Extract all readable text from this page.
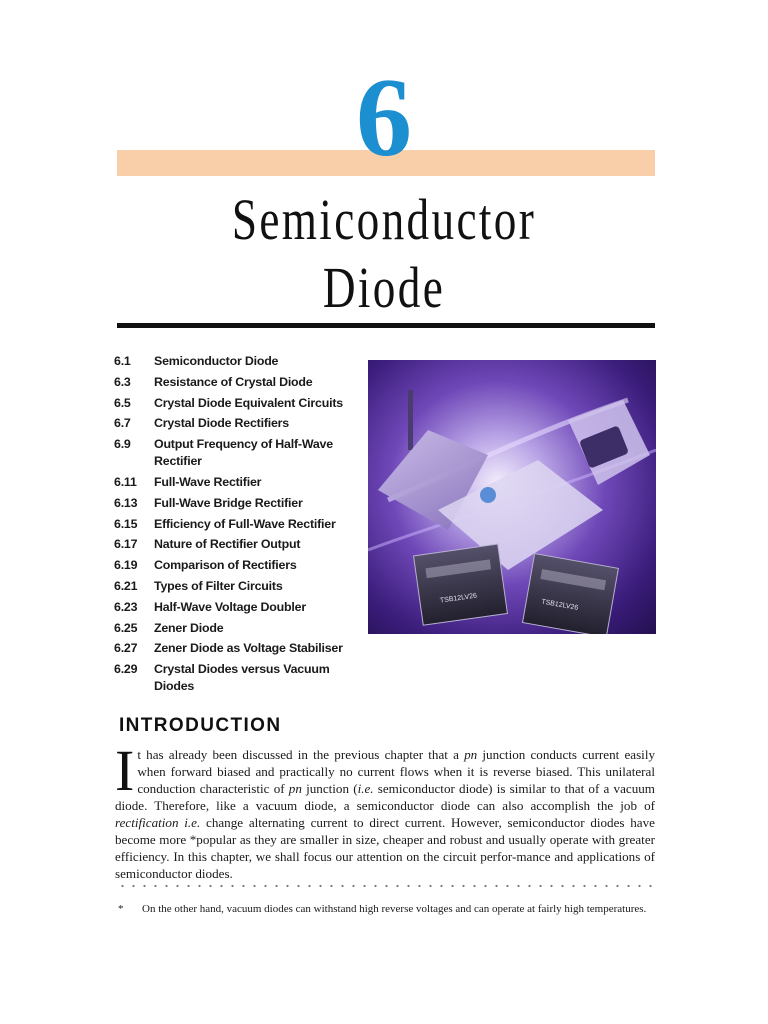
6
Semiconductor
Diode
6.1	Semiconductor Diode
6.3	Resistance of Crystal Diode
6.5	Crystal Diode Equivalent Circuits
6.7	Crystal Diode Rectifiers
6.9	Output Frequency of Half-Wave Rectifier
6.11	Full-Wave Rectifier
6.13	Full-Wave Bridge Rectifier
6.15	Efficiency of Full-Wave Rectifier
6.17	Nature of Rectifier Output
6.19	Comparison of Rectifiers
6.21	Types of Filter Circuits
6.23	Half-Wave Voltage Doubler
6.25	Zener Diode
6.27	Zener Diode as Voltage Stabiliser
6.29	Crystal Diodes versus Vacuum Diodes
TSB12LV26	TSB12LV26
INTRODUCTION
It has already been discussed in the previous chapter that a pn junction conducts current easily when forward biased and practically no current flows when it is reverse biased. This unilateral conduction characteristic of pn junction (i.e. semiconductor diode) is similar to that of a vacuum diode. Therefore, like a vacuum diode, a semiconductor diode can also accomplish the job of rectification i.e. change alternating current to direct current. However, semiconductor diodes have become more *popular as they are smaller in size, cheaper and robust and usually operate with greater efficiency. In this chapter, we shall focus our attention on the circuit perfor-mance and applications of semiconductor diodes.
*	On the other hand, vacuum diodes can withstand high reverse voltages and can operate at fairly high temperatures.
